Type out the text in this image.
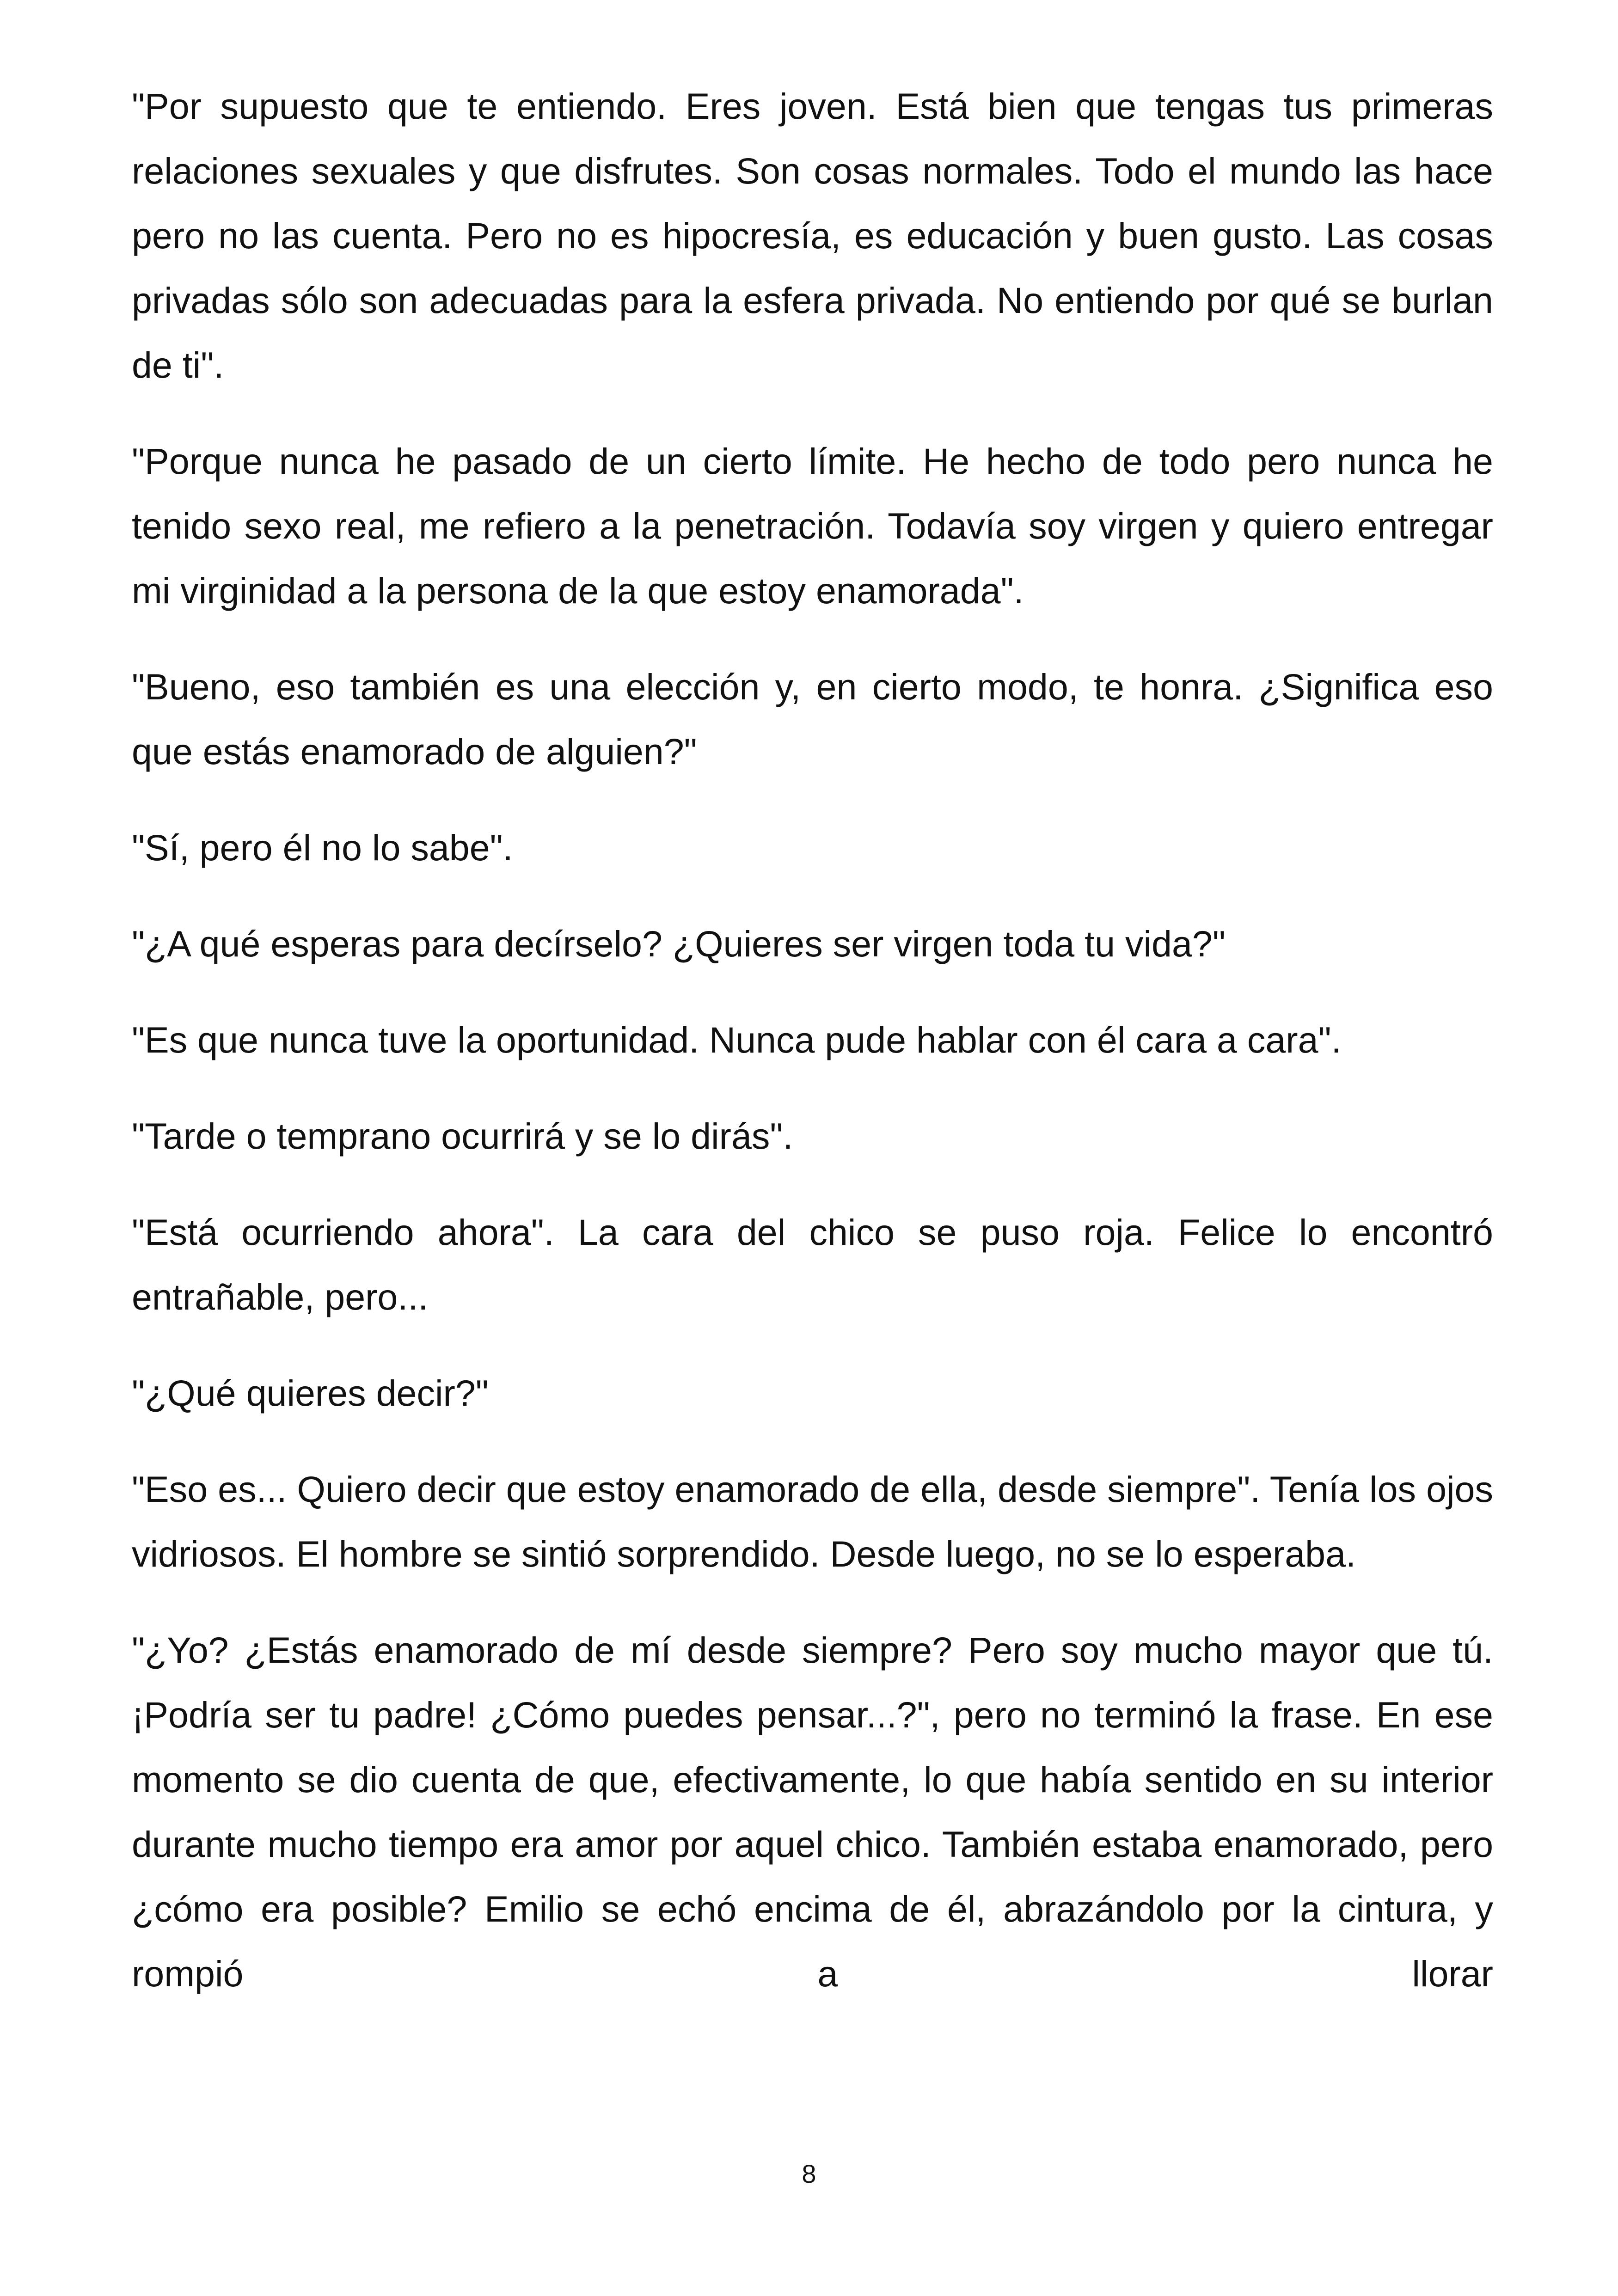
"Por supuesto que te entiendo. Eres joven. Está bien que tengas tus primeras relaciones sexuales y que disfrutes. Son cosas normales. Todo el mundo las hace pero no las cuenta. Pero no es hipocresía, es educación y buen gusto. Las cosas privadas sólo son adecuadas para la esfera privada. No entiendo por qué se burlan de ti".

"Porque nunca he pasado de un cierto límite. He hecho de todo pero nunca he tenido sexo real, me refiero a la penetración. Todavía soy virgen y quiero entregar mi virginidad a la persona de la que estoy enamorada".

"Bueno, eso también es una elección y, en cierto modo, te honra. ¿Significa eso que estás enamorado de alguien?"

"Sí, pero él no lo sabe".

"¿A qué esperas para decírselo? ¿Quieres ser virgen toda tu vida?"

"Es que nunca tuve la oportunidad. Nunca pude hablar con él cara a cara".

"Tarde o temprano ocurrirá y se lo dirás".

"Está ocurriendo ahora". La cara del chico se puso roja. Felice lo encontró entrañable, pero...

"¿Qué quieres decir?"

"Eso es... Quiero decir que estoy enamorado de ella, desde siempre". Tenía los ojos vidriosos. El hombre se sintió sorprendido. Desde luego, no se lo esperaba.

"¿Yo? ¿Estás enamorado de mí desde siempre? Pero soy mucho mayor que tú. ¡Podría ser tu padre! ¿Cómo puedes pensar...?", pero no terminó la frase. En ese momento se dio cuenta de que, efectivamente, lo que había sentido en su interior durante mucho tiempo era amor por aquel chico. También estaba enamorado, pero ¿cómo era posible? Emilio se echó encima de él, abrazándolo por la cintura, y rompió a llorar

8
